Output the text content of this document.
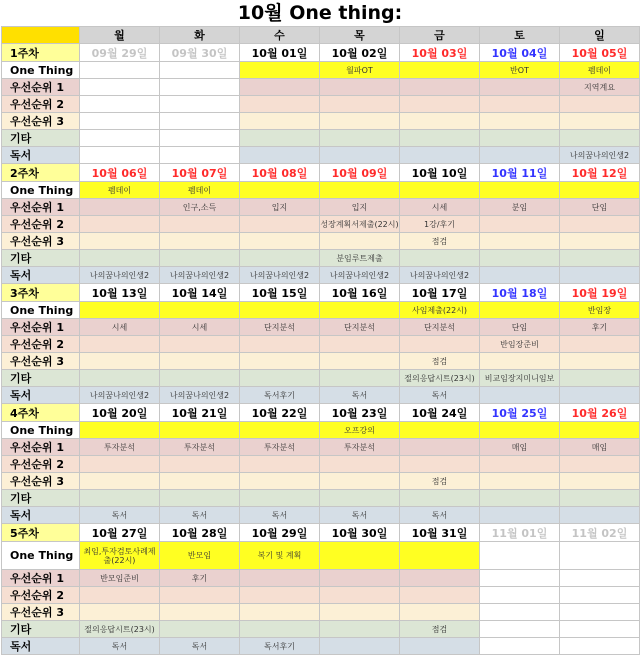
10월 One thing:
	월	화	수	목	금	토	일
1주차	09월 29일	09월 30일	10월 01일	10월 02일	10월 03일	10월 04일	10월 05일
One Thing				월파OT		반OT	펨데이
우선순위 1							지역계요
우선순위 2							
우선순위 3							
기타							
독서							나의꿈나의인생2
2주차	10월 06일	10월 07일	10월 08일	10월 09일	10월 10일	10월 11일	10월 12일
One Thing	펨데이	펨데이					
우선순위 1		인구,소득	입지	입지	시세	분임	단임
우선순위 2				성장계획서제출(22시)	1강/후기		
우선순위 3					점검		
기타				분임루트제출			
독서	나의꿈나의인생2	나의꿈나의인생2	나의꿈나의인생2	나의꿈나의인생2	나의꿈나의인생2		
3주차	10월 13일	10월 14일	10월 15일	10월 16일	10월 17일	10월 18일	10월 19일
One Thing					사임제출(22시)		반임장
우선순위 1	시세	시세	단지분석	단지분석	단지분석	단임	후기
우선순위 2						반임장준비	
우선순위 3					점검		
기타					절의응답시트(23시)	비교임장지미니임보	
독서	나의꿈나의인생2	나의꿈나의인생2	독서후기	독서	독서		
4주차	10월 20일	10월 21일	10월 22일	10월 23일	10월 24일	10월 25일	10월 26일
One Thing				오프강의			
우선순위 1	투자분석	투자분석	투자분석	투자분석		매임	매임
우선순위 2							
우선순위 3					점검		
기타							
독서	독서	독서	독서	독서	독서		
5주차	10월 27일	10월 28일	10월 29일	10월 30일	10월 31일	11월 01일	11월 02일
One Thing	최임,투자검토사례제출(22시)	반모임	복기 및 계획				
우선순위 1	반모임준비	후기					
우선순위 2							
우선순위 3							
기타	절의응답시트(23시)				점검		
독서	독서	독서	독서후기				
